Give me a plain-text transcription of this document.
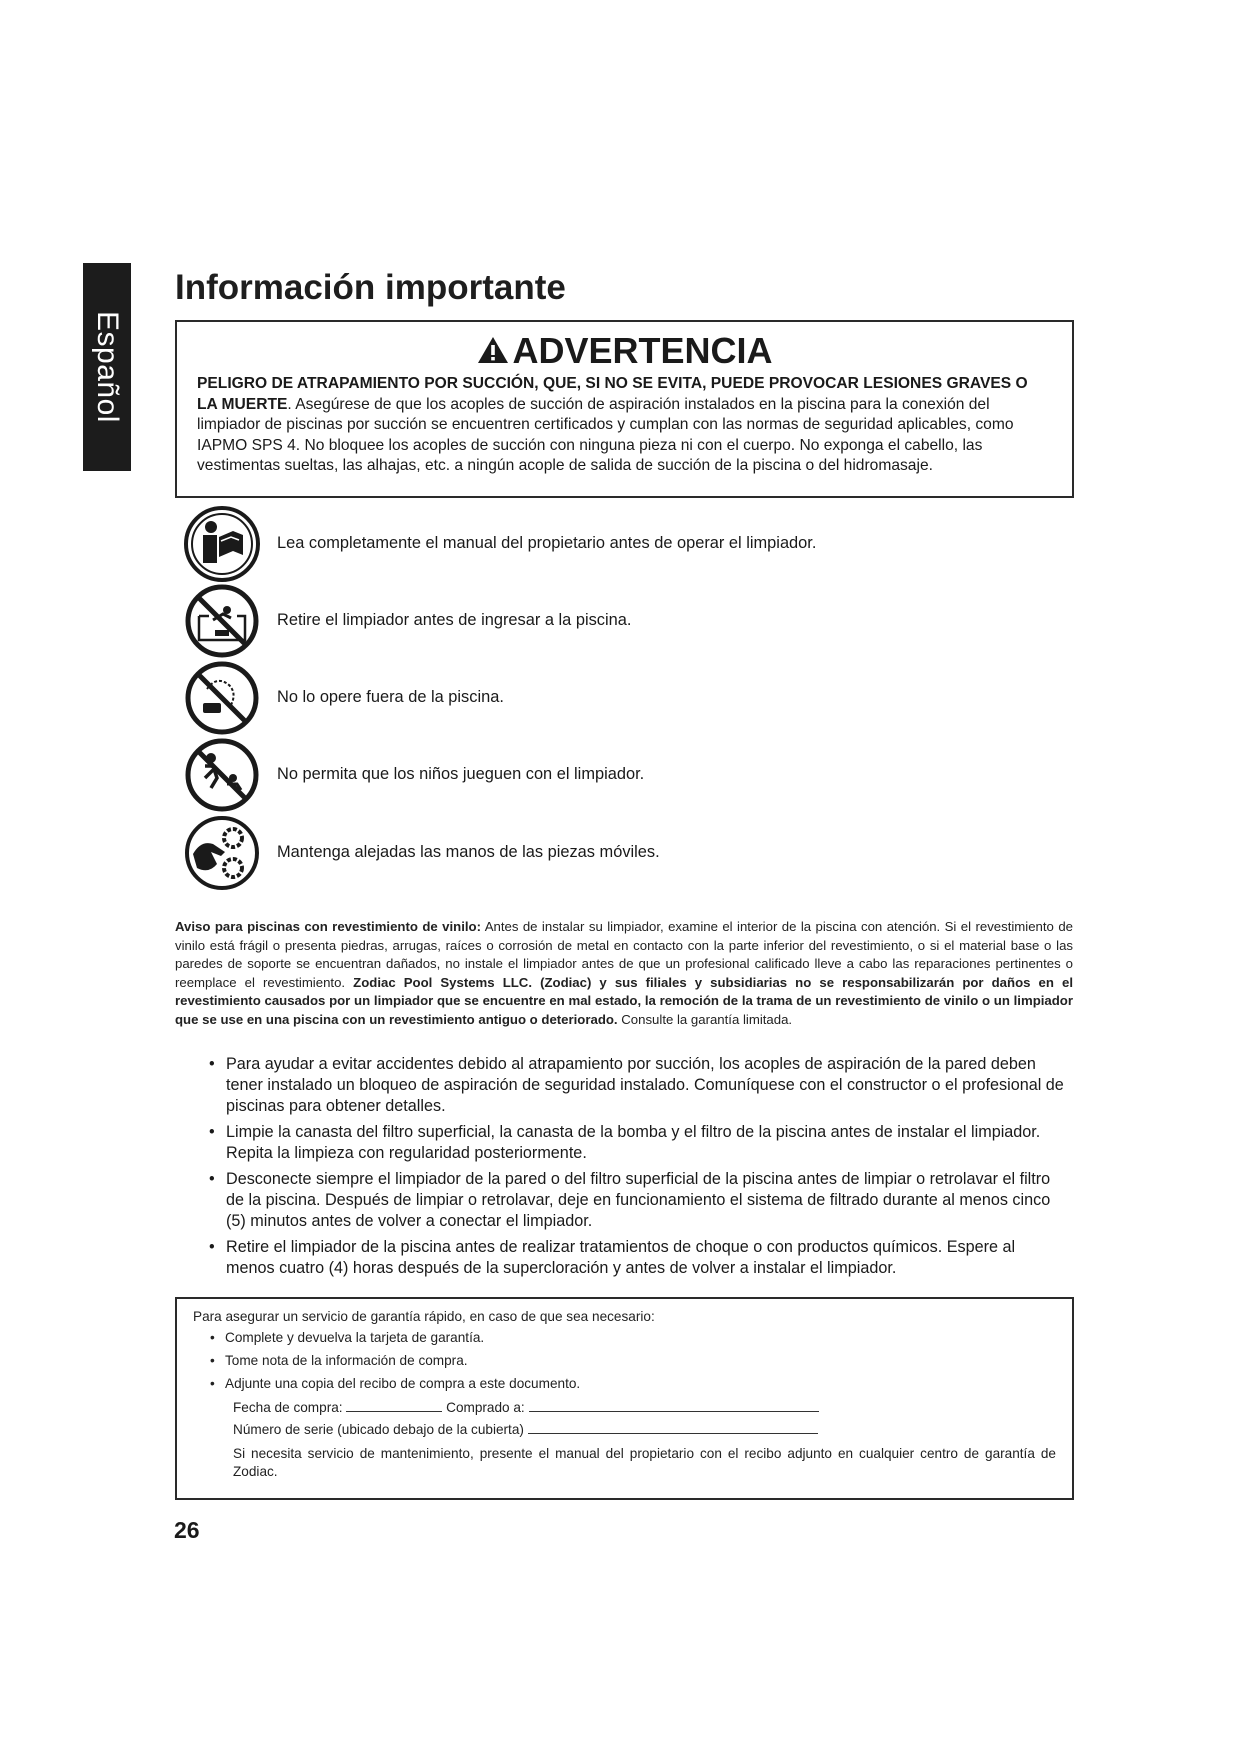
Español
Información importante
ADVERTENCIA

PELIGRO DE ATRAPAMIENTO POR SUCCIÓN, QUE, SI NO SE EVITA, PUEDE PROVOCAR LESIONES GRAVES O LA MUERTE. Asegúrese de que los acoples de succión de aspiración instalados en la piscina para la conexión del limpiador de piscinas por succión se encuentren certificados y cumplan con las normas de seguridad aplicables, como IAPMO SPS 4. No bloquee los acoples de succión con ninguna pieza ni con el cuerpo. No exponga el cabello, las vestimentas sueltas, las alhajas, etc. a ningún acople de salida de succión de la piscina o del hidromasaje.

Lea completamente el manual del propietario antes de operar el limpiador.
Retire el limpiador antes de ingresar a la piscina.
No lo opere fuera de la piscina.
No permita que los niños jueguen con el limpiador.
Mantenga alejadas las manos de las piezas móviles.

Aviso para piscinas con revestimiento de vinilo: Antes de instalar su limpiador, examine el interior de la piscina con atención. Si el revestimiento de vinilo está frágil o presenta piedras, arrugas, raíces o corrosión de metal en contacto con la parte inferior del revestimiento, o si el material base o las paredes de soporte se encuentran dañados, no instale el limpiador antes de que un profesional calificado lleve a cabo las reparaciones pertinentes o reemplace el revestimiento. Zodiac Pool Systems LLC. (Zodiac) y sus filiales y subsidiarias no se responsabilizarán por daños en el revestimiento causados por un limpiador que se encuentre en mal estado, la remoción de la trama de un revestimiento de vinilo o un limpiador que se use en una piscina con un revestimiento antiguo o deteriorado. Consulte la garantía limitada.

• Para ayudar a evitar accidentes debido al atrapamiento por succión, los acoples de aspiración de la pared deben tener instalado un bloqueo de aspiración de seguridad instalado. Comuníquese con el constructor o el profesional de piscinas para obtener detalles.
• Limpie la canasta del filtro superficial, la canasta de la bomba y el filtro de la piscina antes de instalar el limpiador. Repita la limpieza con regularidad posteriormente.
• Desconecte siempre el limpiador de la pared o del filtro superficial de la piscina antes de limpiar o retrolavar el filtro de la piscina. Después de limpiar o retrolavar, deje en funcionamiento el sistema de filtrado durante al menos cinco (5) minutos antes de volver a conectar el limpiador.
• Retire el limpiador de la piscina antes de realizar tratamientos de choque o con productos químicos. Espere al menos cuatro (4) horas después de la supercloración y antes de volver a instalar el limpiador.

Para asegurar un servicio de garantía rápido, en caso de que sea necesario:

• Complete y devuelva la tarjeta de garantía.
• Tome nota de la información de compra.
• Adjunte una copia del recibo de compra a este documento.
Fecha de compra:	Comprado a:
Número de serie (ubicado debajo de la cubierta)

Si necesita servicio de mantenimiento, presente el manual del propietario con el recibo adjunto en cualquier centro de garantía de Zodiac.

26
